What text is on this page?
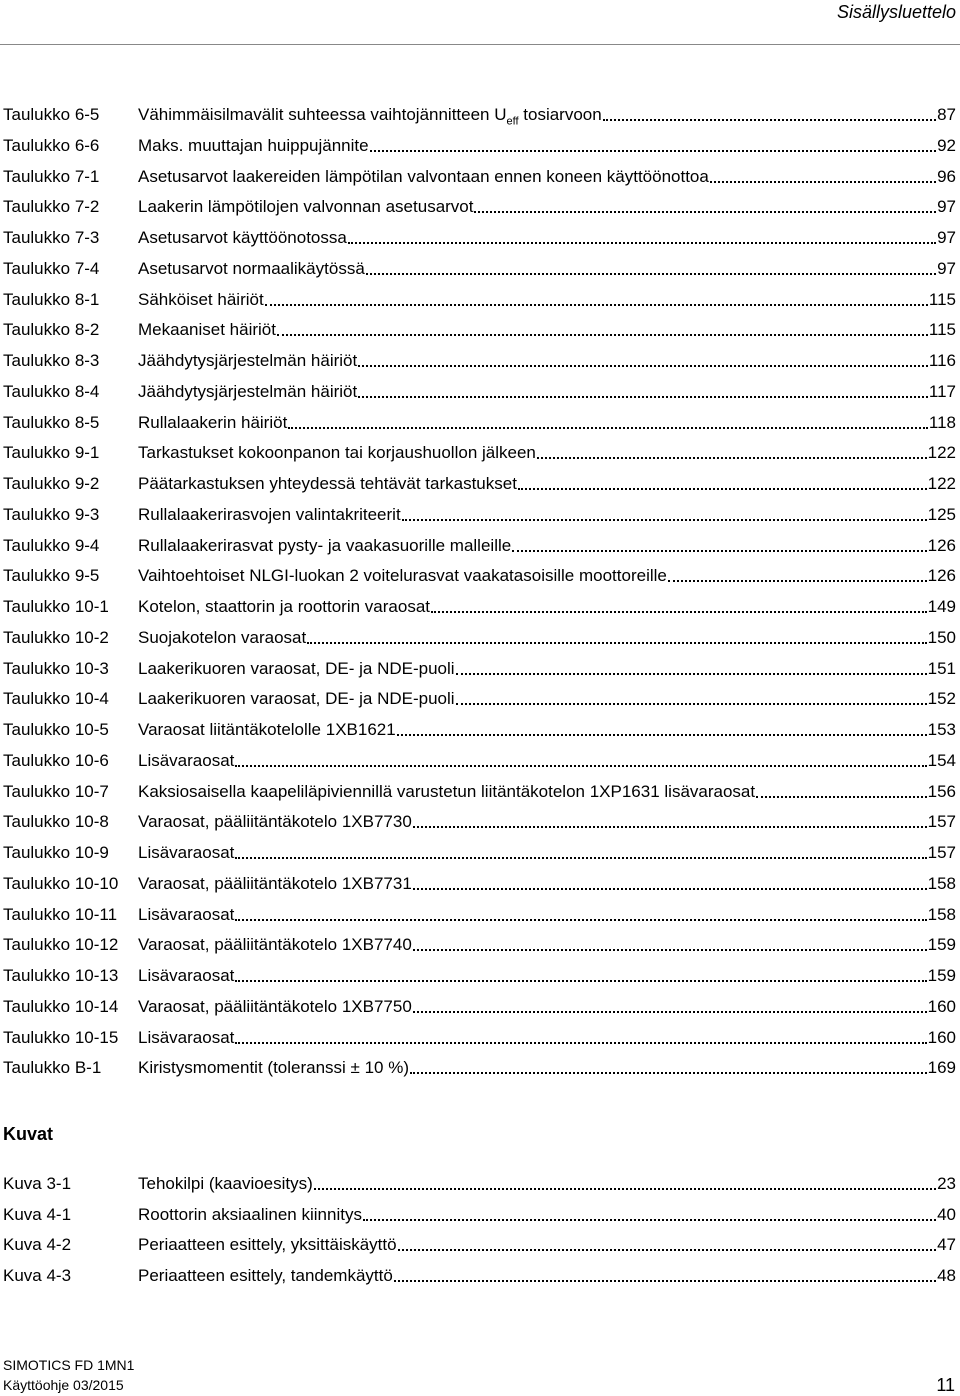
Sisällysluettelo
Taulukko 6-5	Vähimmäisilmavälit suhteessa vaihtojännitteen $U_{eff}$ tosiarvoon	87
Taulukko 6-6	Maks. muuttajan huippujännite	92
Taulukko 7-1	Asetusarvot laakereiden lämpötilan valvontaan ennen koneen käyttöönottoa	96
Taulukko 7-2	Laakerin lämpötilojen valvonnan asetusarvot	97
Taulukko 7-3	Asetusarvot käyttöönotossa	97
Taulukko 7-4	Asetusarvot normaalikäytössä	97
Taulukko 8-1	Sähköiset häiriöt	115
Taulukko 8-2	Mekaaniset häiriöt	115
Taulukko 8-3	Jäähdytysjärjestelmän häiriöt	116
Taulukko 8-4	Jäähdytysjärjestelmän häiriöt	117
Taulukko 8-5	Rullalaakerin häiriöt	118
Taulukko 9-1	Tarkastukset kokoonpanon tai korjaushuollon jälkeen	122
Taulukko 9-2	Päätarkastuksen yhteydessä tehtävät tarkastukset	122
Taulukko 9-3	Rullalaakerirasvojen valintakriteerit	125
Taulukko 9-4	Rullalaakerirasvat pysty- ja vaakasuorille malleille	126
Taulukko 9-5	Vaihtoehtoiset NLGI-luokan 2 voitelurasvat vaakatasoisille moottoreille	126
Taulukko 10-1	Kotelon, staattorin ja roottorin varaosat	149
Taulukko 10-2	Suojakotelon varaosat	150
Taulukko 10-3	Laakerikuoren varaosat, DE- ja NDE-puoli	151
Taulukko 10-4	Laakerikuoren varaosat, DE- ja NDE-puoli	152
Taulukko 10-5	Varaosat liitäntäkotelolle 1XB1621	153
Taulukko 10-6	Lisävaraosat	154
Taulukko 10-7	Kaksiosaisella kaapeliläpiviennillä varustetun liitäntäkotelon 1XP1631 lisävaraosat	156
Taulukko 10-8	Varaosat, pääliitäntäkotelo 1XB7730	157
Taulukko 10-9	Lisävaraosat	157
Taulukko 10-10	Varaosat, pääliitäntäkotelo 1XB7731	158
Taulukko 10-11	Lisävaraosat	158
Taulukko 10-12	Varaosat, pääliitäntäkotelo 1XB7740	159
Taulukko 10-13	Lisävaraosat	159
Taulukko 10-14	Varaosat, pääliitäntäkotelo 1XB7750	160
Taulukko 10-15	Lisävaraosat	160
Taulukko B-1	Kiristysmomentit (toleranssi ± 10 %)	169
Kuvat
Kuva 3-1	Tehokilpi (kaavioesitys)	23
Kuva 4-1	Roottorin aksiaalinen kiinnitys	40
Kuva 4-2	Periaatteen esittely, yksittäiskäyttö	47
Kuva 4-3	Periaatteen esittely, tandemkäyttö	48
SIMOTICS FD 1MN1
Käyttöohje 03/2015	11
